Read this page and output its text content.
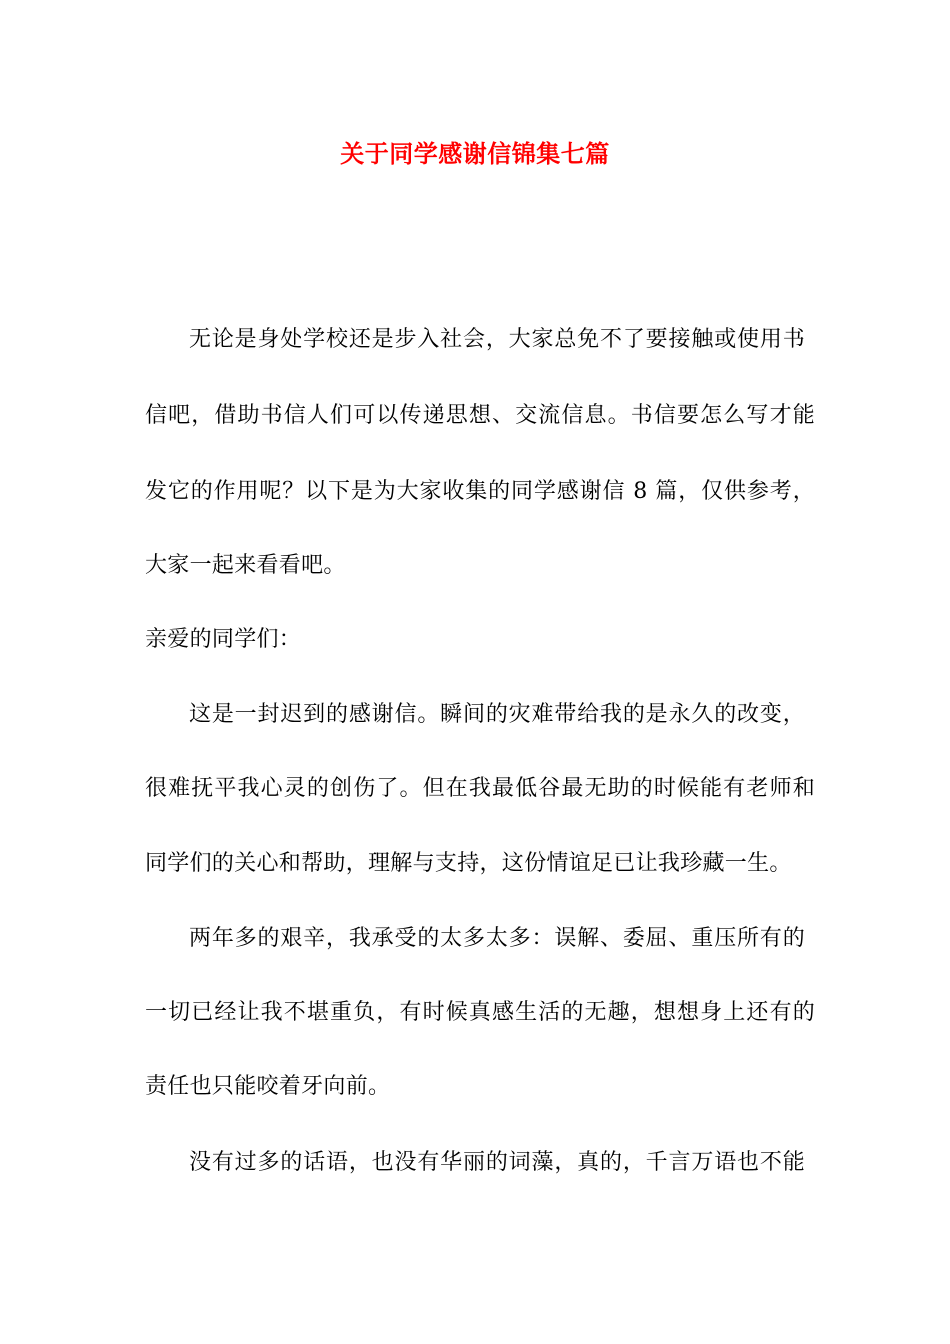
关于同学感谢信锦集七篇
无论是身处学校还是步入社会，大家总免不了要接触或使用书
信吧，借助书信人们可以传递思想、交流信息。书信要怎么写才能
发它的作用呢？以下是为大家收集的同学感谢信 8 篇，仅供参考，
大家一起来看看吧。
亲爱的同学们：
这是一封迟到的感谢信。瞬间的灾难带给我的是永久的改变，
很难抚平我心灵的创伤了。但在我最低谷最无助的时候能有老师和
同学们的关心和帮助，理解与支持，这份情谊足已让我珍藏一生。
两年多的艰辛，我承受的太多太多：误解、委屈、重压所有的
一切已经让我不堪重负，有时候真感生活的无趣，想想身上还有的
责任也只能咬着牙向前。
没有过多的话语，也没有华丽的词藻，真的，千言万语也不能
